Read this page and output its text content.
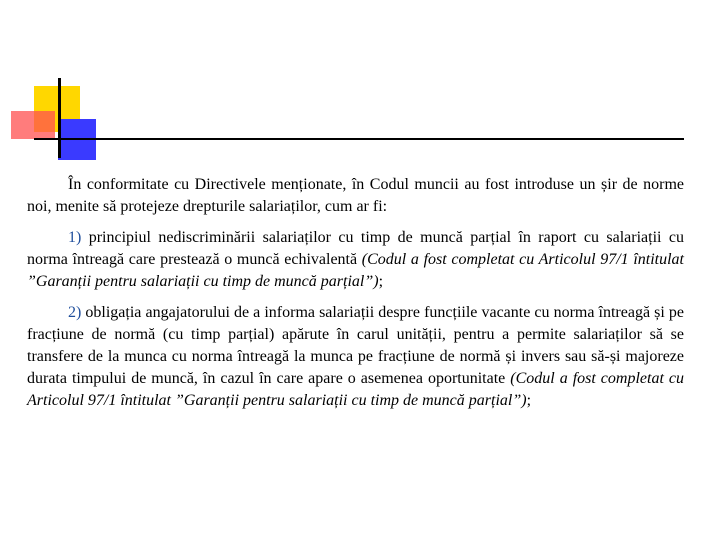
În conformitate cu Directivele menționate, în Codul muncii au fost introduse un șir de norme noi, menite să protejeze drepturile salariaților, cum ar fi:

1) principiul nediscriminării salariaților cu timp de muncă parțial în raport cu salariații cu norma întreagă care prestează o muncă echivalentă (Codul a fost completat cu Articolul 97/1 întitulat ”Garanții pentru salariații cu timp de muncă parțial”);

2) obligația angajatorului de a informa salariații despre funcțiile vacante cu norma întreagă și pe fracțiune de normă (cu timp parțial) apărute în carul unității, pentru a permite salariaților să se transfere de la munca cu norma întreagă la munca pe fracțiune de normă și invers sau să-și majoreze durata timpului de muncă, în cazul în care apare o asemenea oportunitate (Codul a fost completat cu Articolul 97/1 întitulat ”Garanții pentru salariații cu timp de muncă parțial”);
